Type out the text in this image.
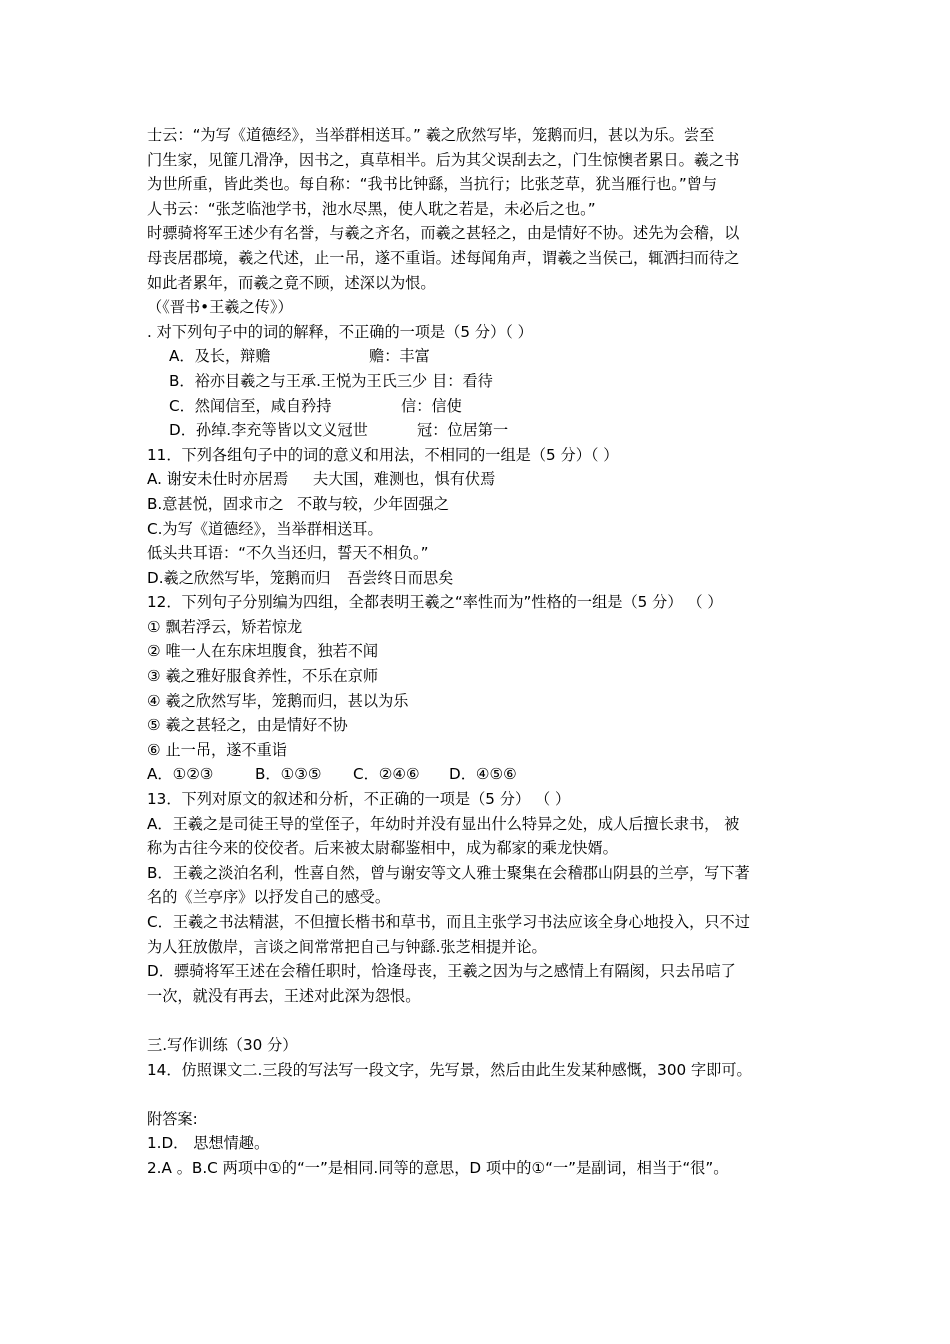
士云：“为写《道德经》，当举群相送耳。” 羲之欣然写毕，笼鹅而归，甚以为乐。尝至
门生家，见篚几滑净，因书之，真草相半。后为其父误刮去之，门生惊懊者累日。羲之书
为世所重，皆此类也。每自称：“我书比钟繇，当抗行；比张芝草，犹当雁行也。”曾与
人书云：“张芝临池学书，池水尽黑，使人耽之若是，未必后之也。”
时骠骑将军王述少有名誉，与羲之齐名，而羲之甚轻之，由是情好不协。述先为会稽，以
母丧居郡境，羲之代述，止一吊，遂不重诣。述每闻角声，谓羲之当侯己，辄洒扫而待之
如此者累年，而羲之竟不顾，述深以为恨。
（《晋书•王羲之传》）
. 对下列句子中的词的解释，不正确的一项是（5 分）（ ）
A．及长，辩赡	赡：丰富
B．裕亦目羲之与王承.王悦为王氏三少 目：看待
C．然闻信至，咸自矜持	信：信使
D．孙绰.李充等皆以文义冠世	冠：位居第一
11．下列各组句子中的词的意义和用法，不相同的一组是（5 分）（ ）
A. 谢安未仕时亦居焉 夫大国，难测也，惧有伏焉
B.意甚悦，固求市之 不敢与较，少年固强之
C.为写《道德经》，当举群相送耳。
低头共耳语：“不久当还归，誓天不相负。”
D.羲之欣然写毕，笼鹅而归 吾尝终日而思矣
12．下列句子分别编为四组，全都表明王羲之“率性而为”性格的一组是（5 分） （ ）
① 飘若浮云，矫若惊龙
② 唯一人在东床坦腹食，独若不闻
③ 羲之雅好服食养性，不乐在京师
④ 羲之欣然写毕，笼鹅而归，甚以为乐
⑤ 羲之甚轻之，由是情好不协
⑥ 止一吊，遂不重诣
A．①②③	B．①③⑤ C．②④⑥ D．④⑤⑥
13．下列对原文的叙述和分析，不正确的一项是（5 分） （ ）
A．王羲之是司徒王导的堂侄子，年幼时并没有显出什么特异之处，成人后擅长隶书， 被
称为古往今来的佼佼者。后来被太尉郗鉴相中，成为郗家的乘龙快婿。
B．王羲之淡泊名利，性喜自然，曾与谢安等文人雅士聚集在会稽郡山阴县的兰亭，写下著
名的《兰亭序》以抒发自己的感受。
C．王羲之书法精湛，不但擅长楷书和草书，而且主张学习书法应该全身心地投入，只不过
为人狂放傲岸，言谈之间常常把自己与钟繇.张芝相提并论。
D．骠骑将军王述在会稽任职时，恰逢母丧，王羲之因为与之感情上有隔阂，只去吊唁了
一次，就没有再去，王述对此深为怨恨。
三.写作训练（30 分）
14．仿照课文二.三段的写法写一段文字，先写景，然后由此生发某种感慨，300 字即可。
附答案:
1.D． 思想情趣。
2.A 。B.C 两项中①的“一”是相同.同等的意思，D 项中的①“一”是副词，相当于“很”。
